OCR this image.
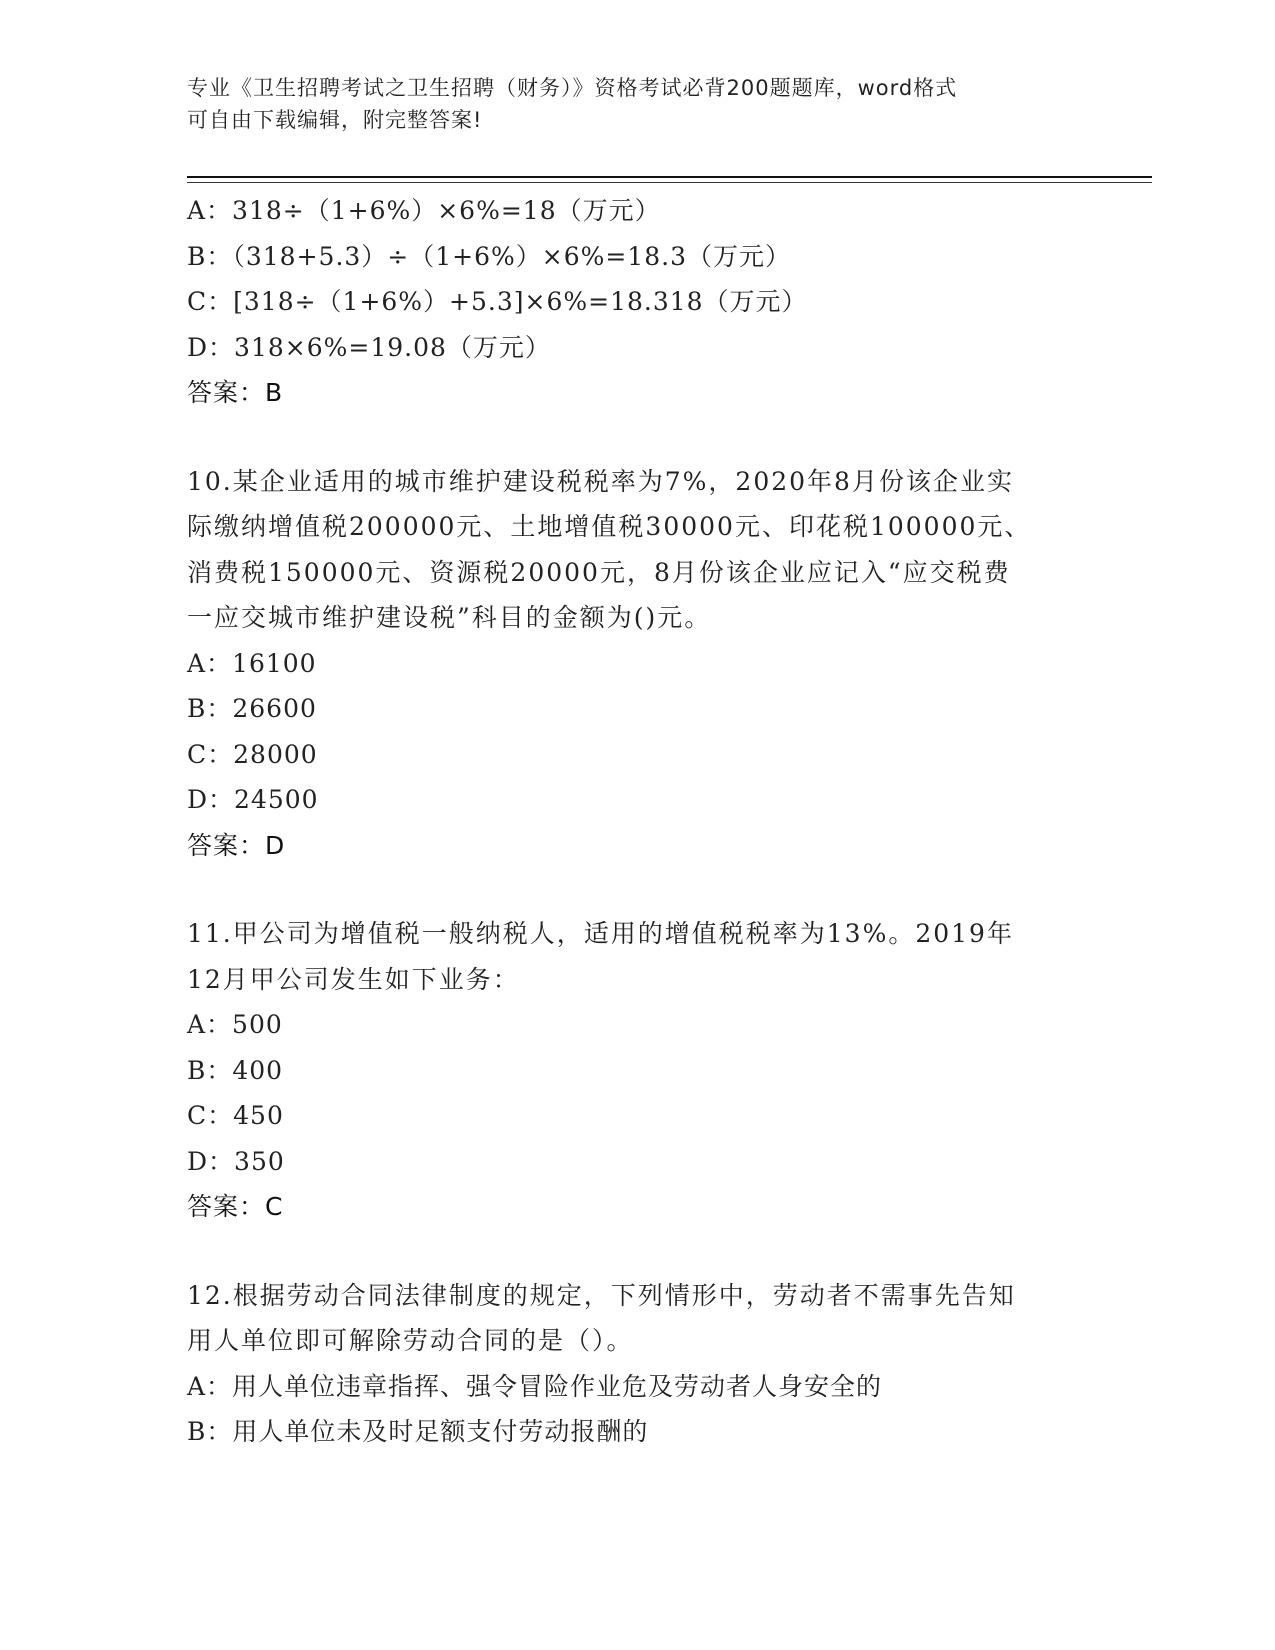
专业《卫生招聘考试之卫生招聘（财务）》资格考试必背200题题库，word格式
可自由下载编辑，附完整答案!
A：318÷（1+6%）×6%=18（万元）
B：（318+5.3）÷（1+6%）×6%=18.3（万元）
C：[318÷（1+6%）+5.3]×6%=18.318（万元）
D：318×6%=19.08（万元）
答案：B
10.某企业适用的城市维护建设税税率为7%，2020年8月份该企业实
际缴纳增值税200000元、土地增值税30000元、印花税100000元、
消费税150000元、资源税20000元，8月份该企业应记入“应交税费
一应交城市维护建设税”科目的金额为()元。
A：16100
B：26600
C：28000
D：24500
答案：D
11.甲公司为增值税一般纳税人，适用的增值税税率为13%。2019年
12月甲公司发生如下业务：
A：500
B：400
C：450
D：350
答案：C
12.根据劳动合同法律制度的规定，下列情形中，劳动者不需事先告知
用人单位即可解除劳动合同的是（）。
A：用人单位违章指挥、强令冒险作业危及劳动者人身安全的
B：用人单位未及时足额支付劳动报酬的
